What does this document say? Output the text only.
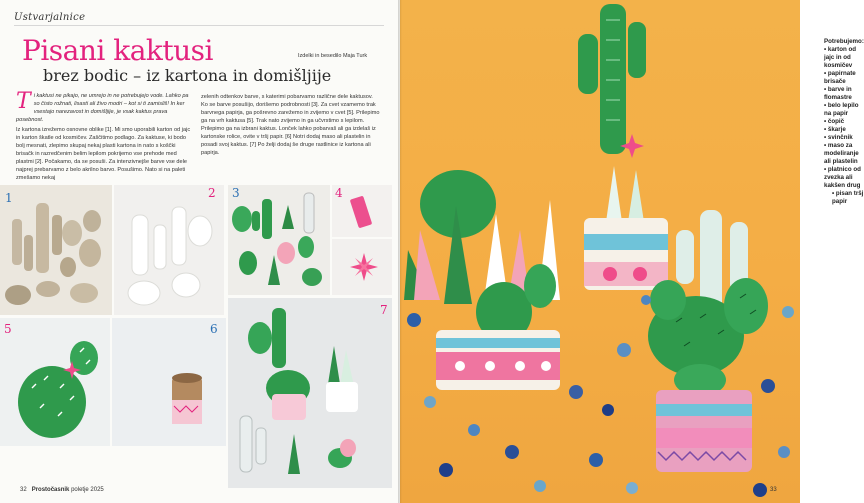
Ustvarjalnice
Pisani kaktusi
brez bodic – iz kartona in domišljije
Izdelki in besedilo Maja Turk

T i kaktusi ne pikajo, ne umrejo in ne potrebujejo vode. Lahko pa so čisto rožnati, lisasti ali živo modri – kot si ti zamisliš! In ker vsestajo narezavost in domišljije, je vsak kaktus prava posebnost.

Iz kartona izrežemo osnovne oblike [1]. Mi smo uporabili karton od jajc in karton škatle od kosmičev. Zaščitimo podlago. Za kaktuse, ki bodo bolj mesnati, zlepimo skupaj nekaj plasti kartona in nato s koščki brisačk in razredčenim belim lepilom pokrijemo vse prehode med plastmi [2]. Počakamo, da se posuši. Za intenzivnejše barve vse dele najprej prebarvamo z belo akrilno barvo. Posušimo. Nato si na paleti zmešamo nekaj

zelenih odtenkov barve, s katerimi pobarvamo različne dele kaktusov. Ko se barve posušijo, dorišemo podrobnosti [3]. Za cvet vzamemo trak barvnega papirja, ga pošrevno zarežemo in zvijemo v cvet [5]. Prilepimo ga na vrh kaktusa [5]. Trak nato zvijemo in ga učvrstimo s lepilom. Prilepimo ga na izbrani kaktus. Lonček lahko pobarvaš ali ga izdelaš iz kartonske rolice, ovite v tršj papir. [6] Notri dodaj maso ali plastelin in posadi svoj kaktus. [7] Po želji dodaj še druge rastlinice iz kartona ali papirja.

1	2 3	4
5	6
7
32 Prostočasnik poletje 2025
Potrebujemo:
• karton od jajc in od kosmičev
• papirnate brisače
• barve in flomastre
• belo lepilo na papir
• čopič
• škarje
• svinčnik
• maso za modeliranje ali plastelin
• platnico od zvezka ali kakšen drug
• pisan tršj papir
33
